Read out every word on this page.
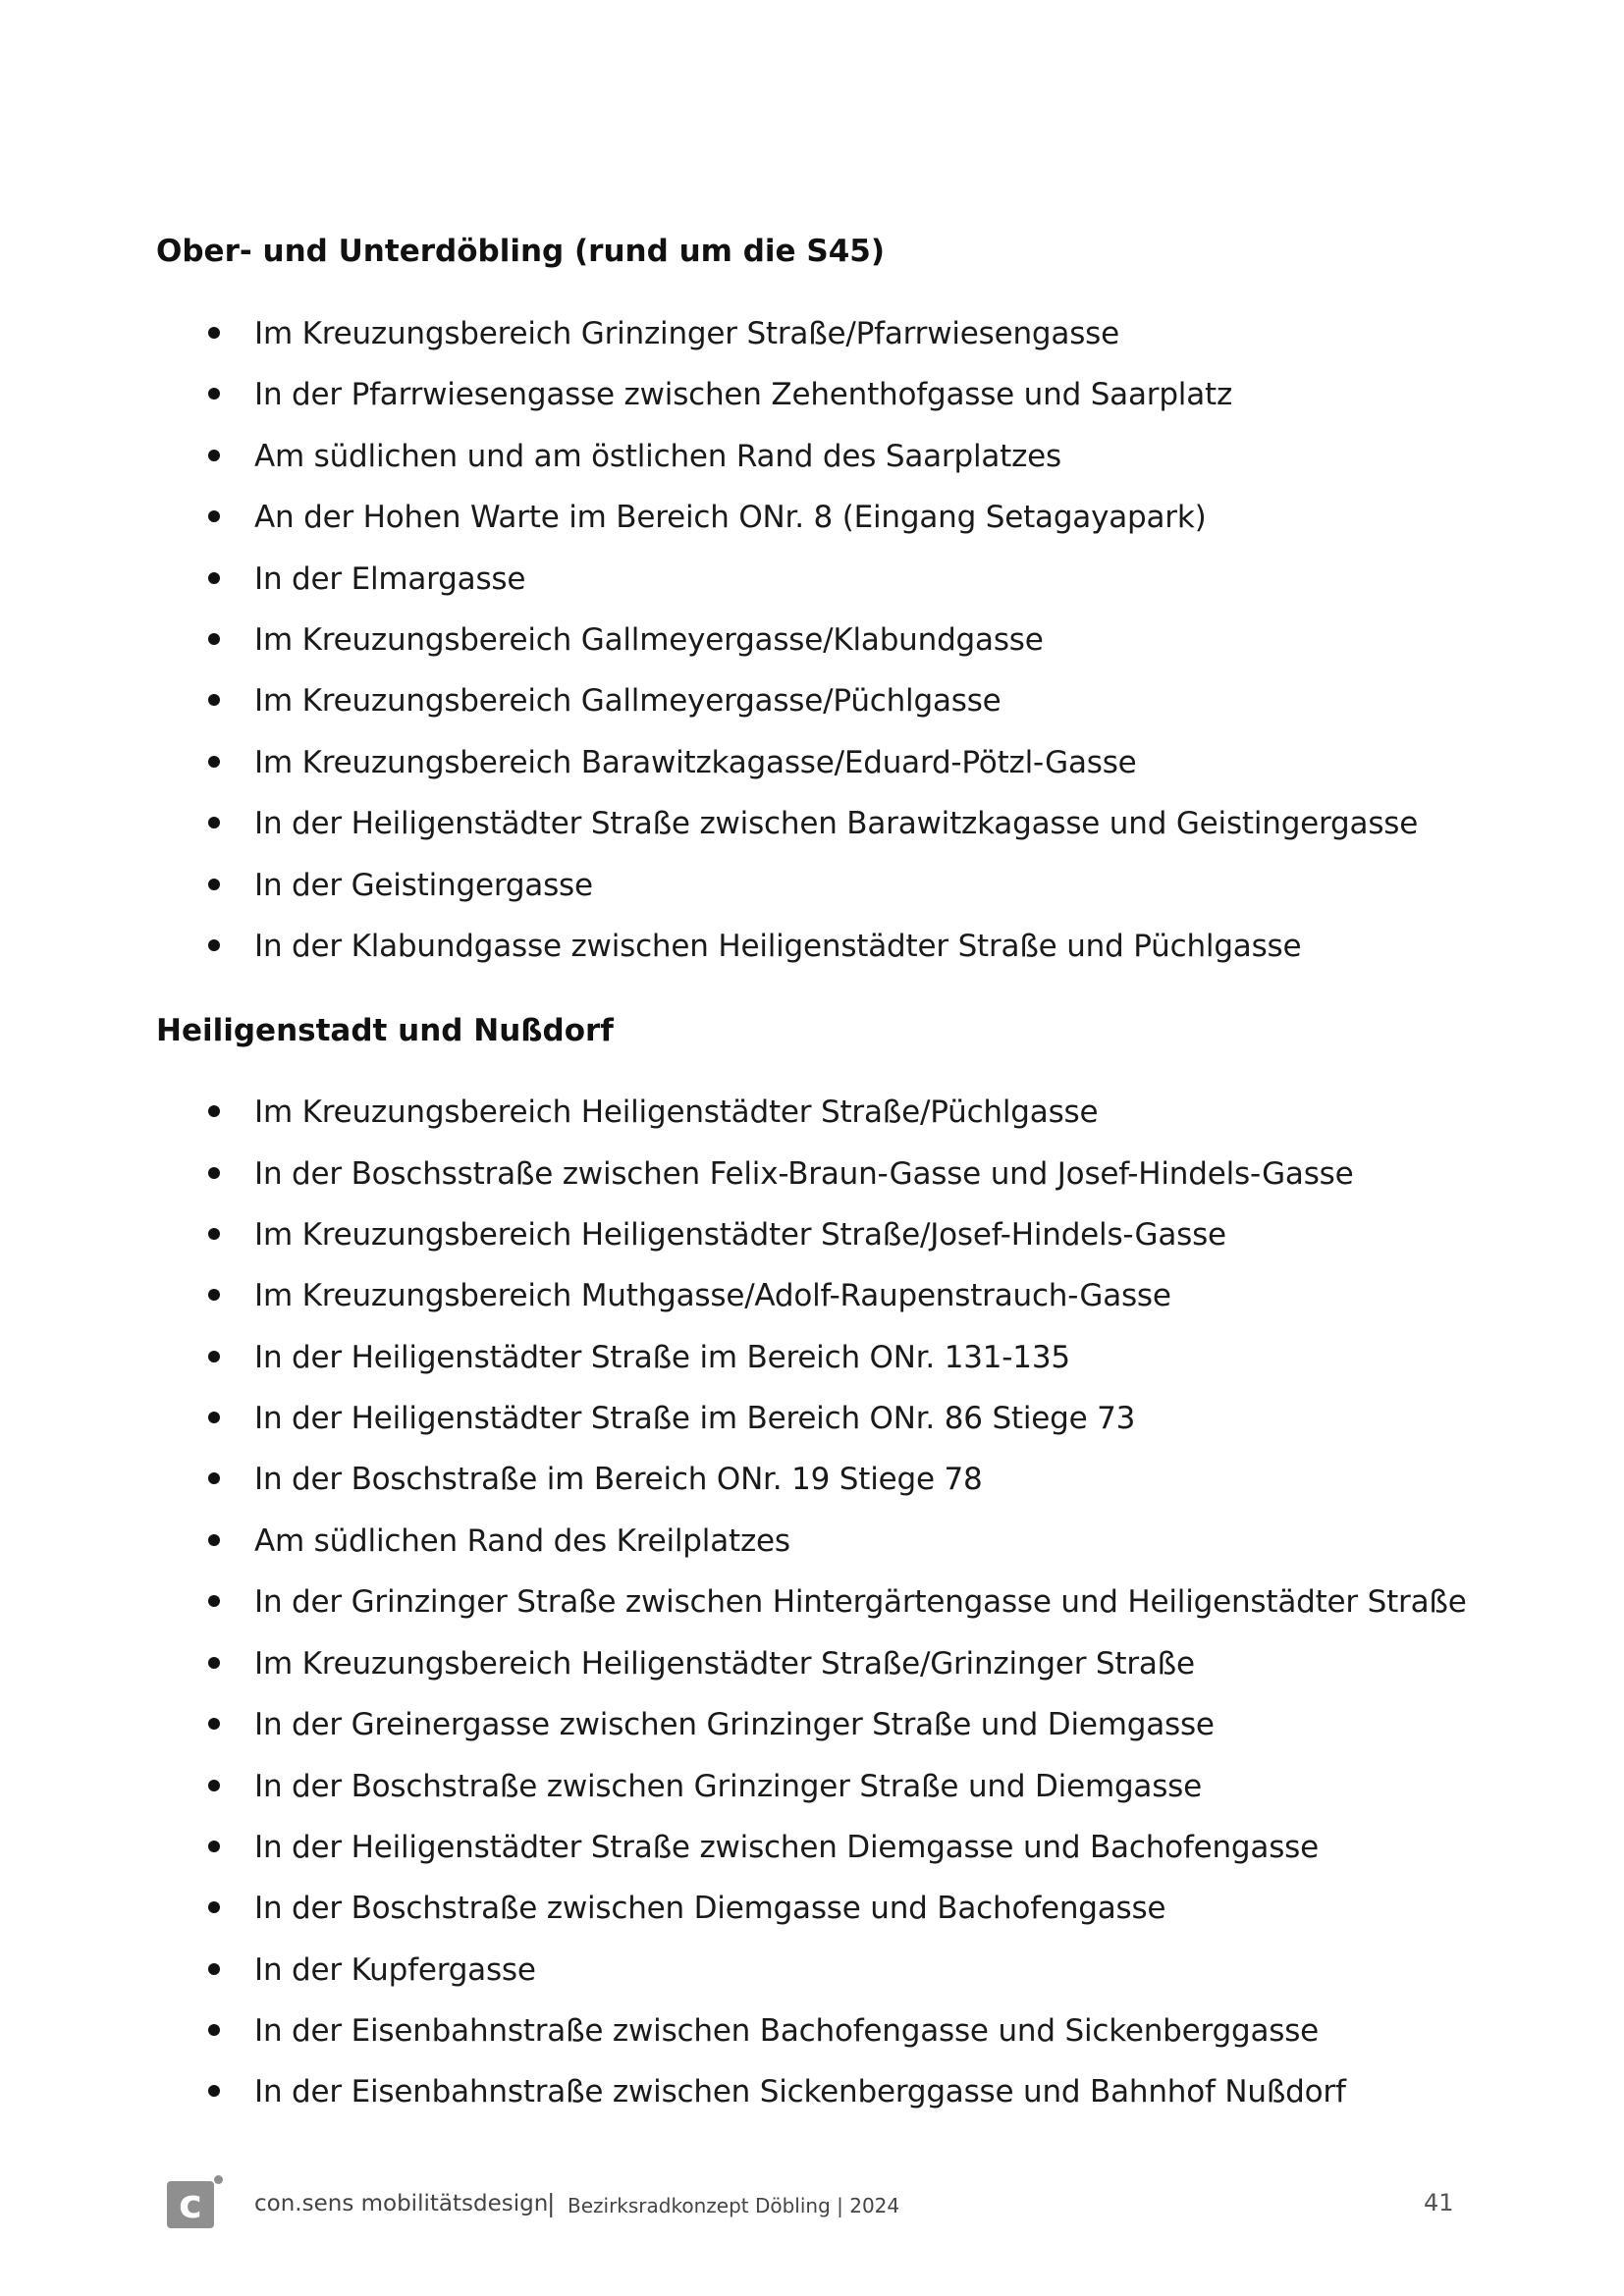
Ober- und Unterdöbling (rund um die S45)
Im Kreuzungsbereich Grinzinger Straße/Pfarrwiesengasse
In der Pfarrwiesengasse zwischen Zehenthofgasse und Saarplatz
Am südlichen und am östlichen Rand des Saarplatzes
An der Hohen Warte im Bereich ONr. 8 (Eingang Setagayapark)
In der Elmargasse
Im Kreuzungsbereich Gallmeyergasse/Klabundgasse
Im Kreuzungsbereich Gallmeyergasse/Püchlgasse
Im Kreuzungsbereich Barawitzkagasse/Eduard-Pötzl-Gasse
In der Heiligenstädter Straße zwischen Barawitzkagasse und Geistingergasse
In der Geistingergasse
In der Klabundgasse zwischen Heiligenstädter Straße und Püchlgasse
Heiligenstadt und Nußdorf
Im Kreuzungsbereich Heiligenstädter Straße/Püchlgasse
In der Boschsstraße zwischen Felix-Braun-Gasse und Josef-Hindels-Gasse
Im Kreuzungsbereich Heiligenstädter Straße/Josef-Hindels-Gasse
Im Kreuzungsbereich Muthgasse/Adolf-Raupenstrauch-Gasse
In der Heiligenstädter Straße im Bereich ONr. 131-135
In der Heiligenstädter Straße im Bereich ONr. 86 Stiege 73
In der Boschstraße im Bereich ONr. 19 Stiege 78
Am südlichen Rand des Kreilplatzes
In der Grinzinger Straße zwischen Hintergärtengasse und Heiligenstädter Straße
Im Kreuzungsbereich Heiligenstädter Straße/Grinzinger Straße
In der Greinergasse zwischen Grinzinger Straße und Diemgasse
In der Boschstraße zwischen Grinzinger Straße und Diemgasse
In der Heiligenstädter Straße zwischen Diemgasse und Bachofengasse
In der Boschstraße zwischen Diemgasse und Bachofengasse
In der Kupfergasse
In der Eisenbahnstraße zwischen Bachofengasse und Sickenberggasse
In der Eisenbahnstraße zwischen Sickenberggasse und Bahnhof Nußdorf
c	con.sens mobilitätsdesign
| Bezirksradkonzept Döbling | 2024	41
